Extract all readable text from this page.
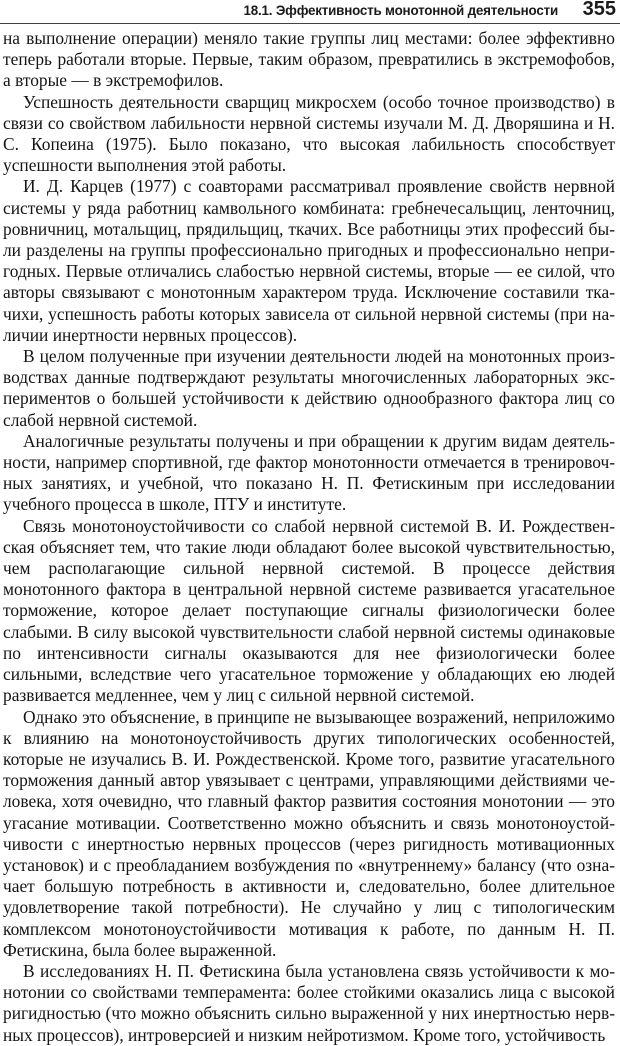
18.1. Эффективность монотонной деятельности 355

на выполнение операции) меняло такие группы лиц местами: более эффективно теперь работали вторые. Первые, таким образом, превратились в экстремофобов, а вторые — в экстремофилов.

Успешность деятельности сварщиц микросхем (особо точное производство) в связи со свойством лабильности нервной системы изучали М. Д. Дворяшина и Н. С. Копеина (1975). Было показано, что высокая лабильность способствует успешности выполнения этой работы.

И. Д. Карцев (1977) с соавторами рассматривал проявление свойств нервной системы у ряда работниц камвольного комбината: гребнечесальщиц, ленточниц, ровничниц, мотальщиц, прядильщиц, ткачих. Все работницы этих профессий были разделены на группы профессионально пригодных и профессионально непригодных. Первые отличались слабостью нервной системы, вторые — ее силой, что авторы связывают с монотонным характером труда. Исключение составили ткачихи, успешность работы которых зависела от сильной нервной системы (при наличии инертности нервных процессов).

В целом полученные при изучении деятельности людей на монотонных производствах данные подтверждают результаты многочисленных лабораторных экспериментов о большей устойчивости к действию однообразного фактора лиц со слабой нервной системой.

Аналогичные результаты получены и при обращении к другим видам деятельности, например спортивной, где фактор монотонности отмечается в тренировочных занятиях, и учебной, что показано Н. П. Фетискиным при исследовании учебного процесса в школе, ПТУ и институте.

Связь монотоноустойчивости со слабой нервной системой В. И. Рождественская объясняет тем, что такие люди обладают более высокой чувствительностью, чем располагающие сильной нервной системой. В процессе действия монотонного фактора в центральной нервной системе развивается угасательное торможение, которое делает поступающие сигналы физиологически более слабыми. В силу высокой чувствительности слабой нервной системы одинаковые по интенсивности сигналы оказываются для нее физиологически более сильными, вследствие чего угасательное торможение у обладающих ею людей развивается медленнее, чем у лиц с сильной нервной системой.

Однако это объяснение, в принципе не вызывающее возражений, неприложимо к влиянию на монотоноустойчивость других типологических особенностей, которые не изучались В. И. Рождественской. Кроме того, развитие угасательного торможения данный автор увязывает с центрами, управляющими действиями человека, хотя очевидно, что главный фактор развития состояния монотонии — это угасание мотивации. Соответственно можно объяснить и связь монотоноустойчивости с инертностью нервных процессов (через ригидность мотивационных установок) и с преобладанием возбуждения по «внутреннему» балансу (что означает большую потребность в активности и, следовательно, более длительное удовлетворение такой потребности). Не случайно у лиц с типологическим комплексом монотоноустойчивости мотивация к работе, по данным Н. П. Фетискина, была более выраженной.

В исследованиях Н. П. Фетискина была установлена связь устойчивости к монотонии со свойствами темперамента: более стойкими оказались лица с высокой ригидностью (что можно объяснить сильно выраженной у них инертностью нервных процессов), интроверсией и низким нейротизмом. Кроме того, устойчивость
